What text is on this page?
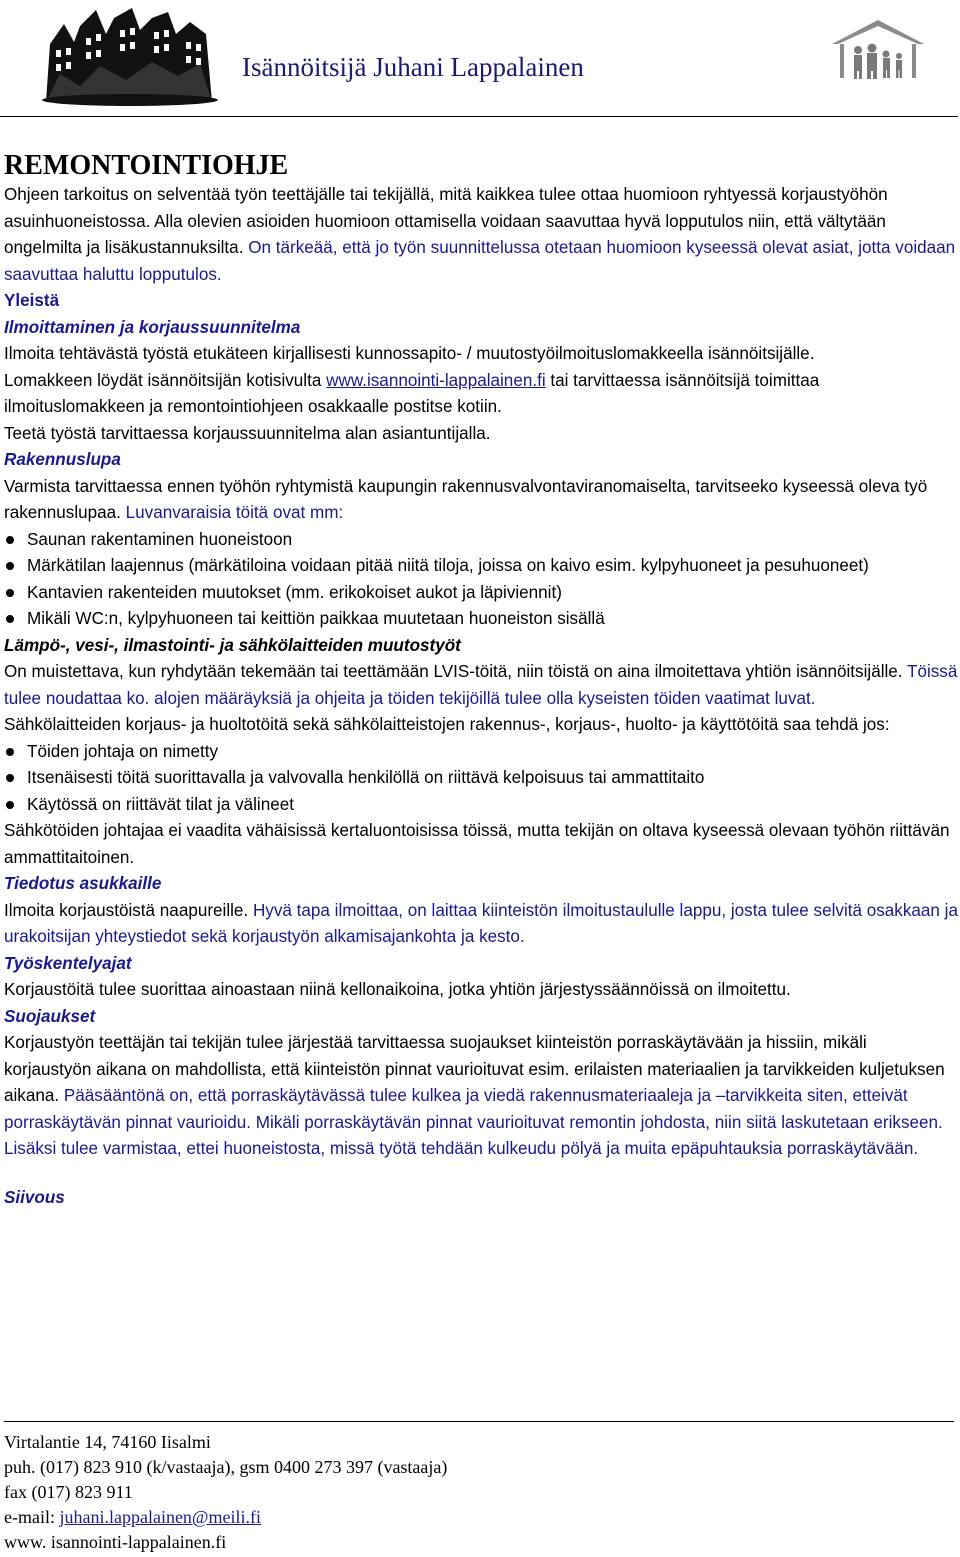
Isännöitsijä Juhani Lappalainen
REMONTOINTIOHJE

Ohjeen tarkoitus on selventää työn teettäjälle tai tekijällä, mitä kaikkea tulee ottaa huomioon ryhtyessä korjaustyöhön asuinhuoneistossa. Alla olevien asioiden huomioon ottamisella voidaan saavuttaa hyvä lopputulos niin, että vältytään ongelmilta ja lisäkustannuksilta. On tärkeää, että jo työn suunnittelussa otetaan huomioon kyseessä olevat asiat, jotta voidaan saavuttaa haluttu lopputulos.

Yleistä
Ilmoittaminen ja korjaussuunnitelma

Ilmoita tehtävästä työstä etukäteen kirjallisesti kunnossapito- / muutostyöilmoituslomakkeella isännöitsijälle.

Lomakkeen löydät isännöitsijän kotisivulta www.isannointi-lappalainen.fi tai tarvittaessa isännöitsijä toimittaa ilmoituslomakkeen ja remontointiohjeen osakkaalle postitse kotiin.

Teetä työstä tarvittaessa korjaussuunnitelma alan asiantuntijalla.

Rakennuslupa

Varmista tarvittaessa ennen työhön ryhtymistä kaupungin rakennusvalvontaviranomaiselta, tarvitseeko kyseessä oleva työ rakennuslupaa. Luvanvaraisia töitä ovat mm:

Saunan rakentaminen huoneistoon
Märkätilan laajennus (märkätiloina voidaan pitää niitä tiloja, joissa on kaivo esim. kylpyhuoneet ja pesuhuoneet)
Kantavien rakenteiden muutokset (mm. erikokoiset aukot ja läpiviennit)
Mikäli WC:n, kylpyhuoneen tai keittiön paikkaa muutetaan huoneiston sisällä
Lämpö-, vesi-, ilmastointi- ja sähkölaitteiden muutostyöt

On muistettava, kun ryhdytään tekemään tai teettämään LVIS-töitä, niin töistä on aina ilmoitettava yhtiön isännöitsijälle. Töissä tulee noudattaa ko. alojen määräyksiä ja ohjeita ja töiden tekijöillä tulee olla kyseisten töiden vaatimat luvat.

Sähkölaitteiden korjaus- ja huoltotöitä sekä sähkölaitteistojen rakennus-, korjaus-, huolto- ja käyttötöitä saa tehdä jos:

Töiden johtaja on nimetty
Itsenäisesti töitä suorittavalla ja valvovalla henkilöllä on riittävä kelpoisuus tai ammattitaito
Käytössä on riittävät tilat ja välineet

Sähkötöiden johtajaa ei vaadita vähäisissä kertaluontoisissa töissä, mutta tekijän on oltava kyseessä olevaan työhön riittävän ammattitaitoinen.

Tiedotus asukkaille

Ilmoita korjaustöistä naapureille. Hyvä tapa ilmoittaa, on laittaa kiinteistön ilmoitustaululle lappu, josta tulee selvitä osakkaan ja urakoitsijan yhteystiedot sekä korjaustyön alkamisajankohta ja kesto.

Työskentelyajat

Korjaustöitä tulee suorittaa ainoastaan niinä kellonaikoina, jotka yhtiön järjestyssäännöissä on ilmoitettu.

Suojaukset

Korjaustyön teettäjän tai tekijän tulee järjestää tarvittaessa suojaukset kiinteistön porraskäytävään ja hissiin, mikäli korjaustyön aikana on mahdollista, että kiinteistön pinnat vaurioituvat esim. erilaisten materiaalien ja tarvikkeiden kuljetuksen aikana. Pääsääntönä on, että porraskäytävässä tulee kulkea ja viedä rakennusmateriaaleja ja –tarvikkeita siten, etteivät porraskäytävän pinnat vaurioidu. Mikäli porraskäytävän pinnat vaurioituvat remontin johdosta, niin siitä laskutetaan erikseen. Lisäksi tulee varmistaa, ettei huoneistosta, missä työtä tehdään kulkeudu pölyä ja muita epäpuhtauksia porraskäytävään.

Siivous
Virtalantie 14, 74160 Iisalmi
puh. (017) 823 910 (k/vastaaja), gsm 0400 273 397 (vastaaja)
fax (017) 823 911
e-mail: juhani.lappalainen@meili.fi
www. isannointi-lappalainen.fi
